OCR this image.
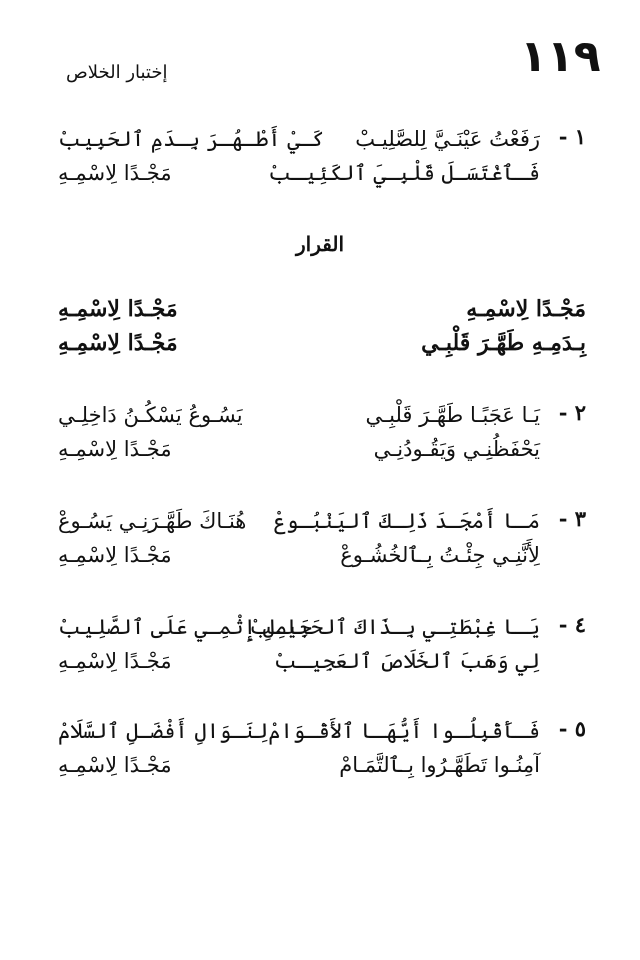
١١٩
إختبار الخلاص
١ -
رَفَعْتُ عَيْنَـيَّ لِلصَّلِيـبْ
كَـيْ أَطْـهُـرَ بِـدَمِ ٱلحَبِيبْ
فَـٱغْتَسَـلَ قَلْبِـيَ ٱلكَئِيـبْ
مَجْـدًا لِاسْمِـهِ
القرار
مَجْـدًا لِاسْمِـهِ
مَجْـدًا لِاسْمِـهِ
بِـدَمِـهِ طَهَّـرَ قَلْبِـي
مَجْـدًا لِاسْمِـهِ
٢ -
يَـا عَجَبًـا طَهَّـرَ قَلْبِـي
يَسُـوعُ يَسْكُـنُ دَاخِلِـي
يَحْفَظُنِـي وَيَقُـودُنِـي
مَجْـدًا لِاسْمِـهِ
٣ -
مَـا أَمْجَـدَ ذَلِـكَ ٱليَنْبُـوعْ
هُنَـاكَ طَهَّـرَنِـي يَسُـوعْ
لِأَنَّنِـي جِئْـتُ بِـٱلخُشُـوعْ
مَجْـدًا لِاسْمِـهِ
٤ -
يَـا غِبْطَتِـي بِـذَاكَ ٱلحَبِيـبْ
حَامِلِ إِثْمِـي عَلَى ٱلصَّلِيبْ
لِي وَهَبَ ٱلخَلَاصَ ٱلعَجِيـبْ
مَجْـدًا لِاسْمِـهِ
٥ -
فَـأَقْبِلُـوا أَيُّهَـا ٱلأَقْـوَامْ
لِنَـوَالِ أَفْضَـلِ ٱلسَّلَامْ
آمِنُـوا تَطَهَّـرُوا بِـٱلتَّمَـامْ
مَجْـدًا لِاسْمِـهِ
